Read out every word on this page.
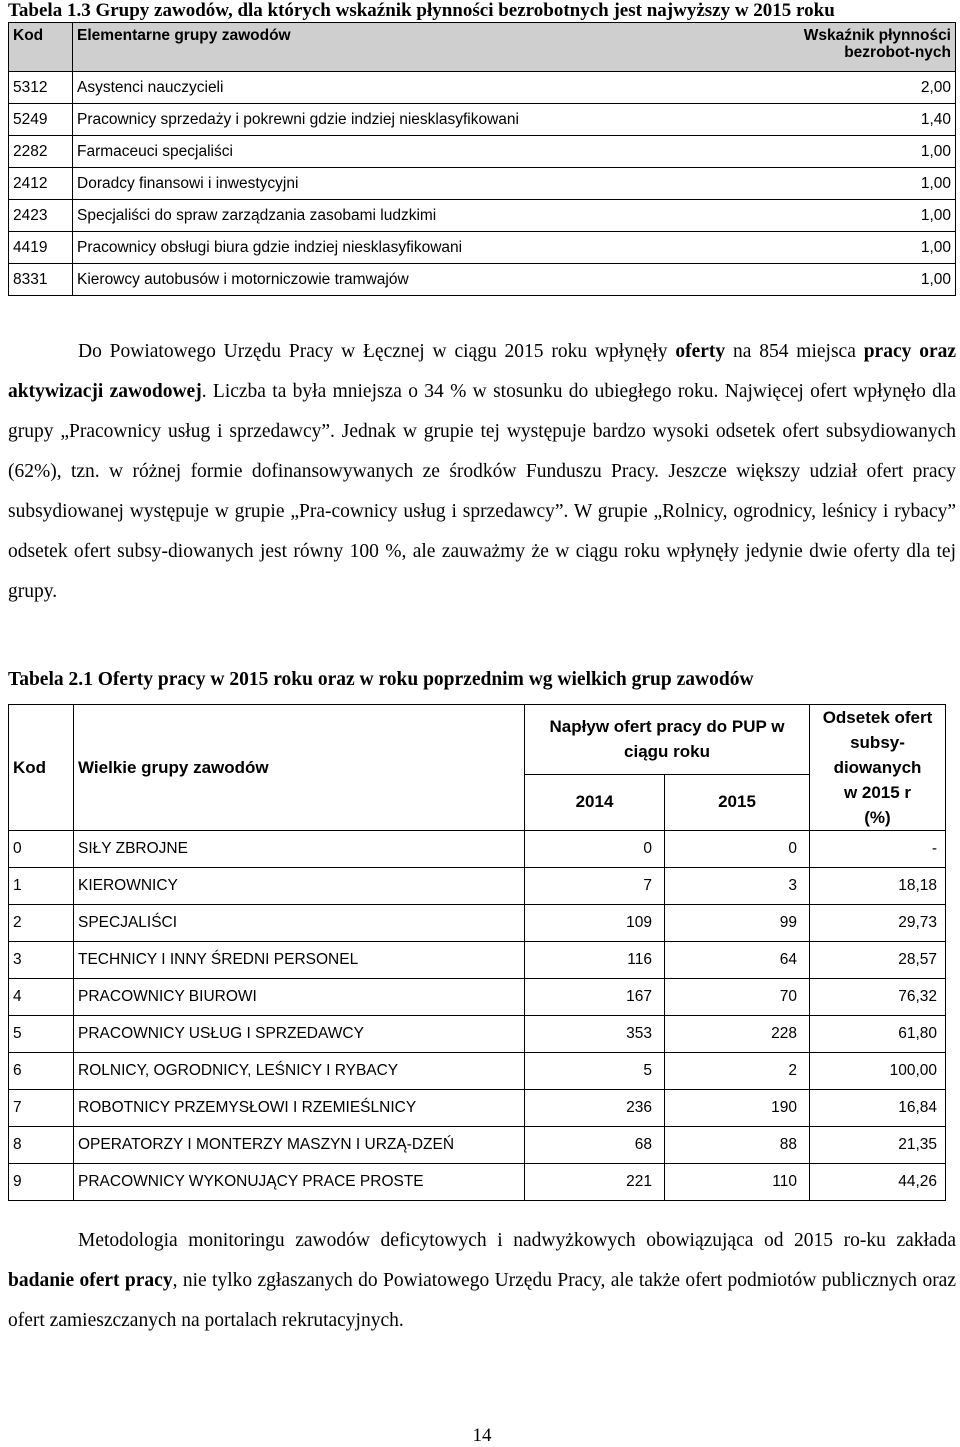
Tabela 1.3 Grupy zawodów, dla których wskaźnik płynności bezrobotnych jest najwyższy w 2015 roku
Kod	Elementarne grupy zawodów	Wskaźnik płynności bezrobot-nych
5312	Asystenci nauczycieli	2,00
5249	Pracownicy sprzedaży i pokrewni gdzie indziej niesklasyfikowani	1,40
2282	Farmaceuci specjaliści	1,00
2412	Doradcy finansowi i inwestycyjni	1,00
2423	Specjaliści do spraw zarządzania zasobami ludzkimi	1,00
4419	Pracownicy obsługi biura gdzie indziej niesklasyfikowani	1,00
8331	Kierowcy autobusów i motorniczowie tramwajów	1,00
Do Powiatowego Urzędu Pracy w Łęcznej w ciągu 2015 roku wpłynęły oferty na 854 miejsca pracy oraz aktywizacji zawodowej. Liczba ta była mniejsza o 34 % w stosunku do ubiegłego roku. Najwięcej ofert wpłynęło dla grupy „Pracownicy usług i sprzedawcy”. Jednak w grupie tej występuje bardzo wysoki odsetek ofert subsydiowanych (62%), tzn. w różnej formie dofinansowywanych ze środków Funduszu Pracy. Jeszcze większy udział ofert pracy subsydiowanej występuje w grupie „Pra-cownicy usług i sprzedawcy”. W grupie „Rolnicy, ogrodnicy, leśnicy i rybacy” odsetek ofert subsy-diowanych jest równy 100 %, ale zauważmy że w ciągu roku wpłynęły jedynie dwie oferty dla tej grupy.
Tabela 2.1 Oferty pracy w 2015 roku oraz w roku poprzednim wg wielkich grup zawodów
Kod	Wielkie grupy zawodów	Napływ ofert pracy do PUP w ciągu roku		Odsetek ofert subsy-diowanych
w 2015 r
(%)

		2014	2015	
0	SIŁY ZBROJNE	0	0	-
1	KIEROWNICY	7	3	18,18
2	SPECJALIŚCI	109	99	29,73
3	TECHNICY I INNY ŚREDNI PERSONEL	116	64	28,57
4	PRACOWNICY BIUROWI	167	70	76,32
5	PRACOWNICY USŁUG I SPRZEDAWCY	353	228	61,80
6	ROLNICY, OGRODNICY, LEŚNICY I RYBACY	5	2	100,00
7	ROBOTNICY PRZEMYSŁOWI I RZEMIEŚLNICY	236	190	16,84
8	OPERATORZY I MONTERZY MASZYN I URZĄ-DZEŃ	68	88	21,35
9	PRACOWNICY WYKONUJĄCY PRACE PROSTE	221	110	44,26
Metodologia monitoringu zawodów deficytowych i nadwyżkowych obowiązująca od 2015 ro-ku zakłada badanie ofert pracy, nie tylko zgłaszanych do Powiatowego Urzędu Pracy, ale także ofert podmiotów publicznych oraz ofert zamieszczanych na portalach rekrutacyjnych.
14
